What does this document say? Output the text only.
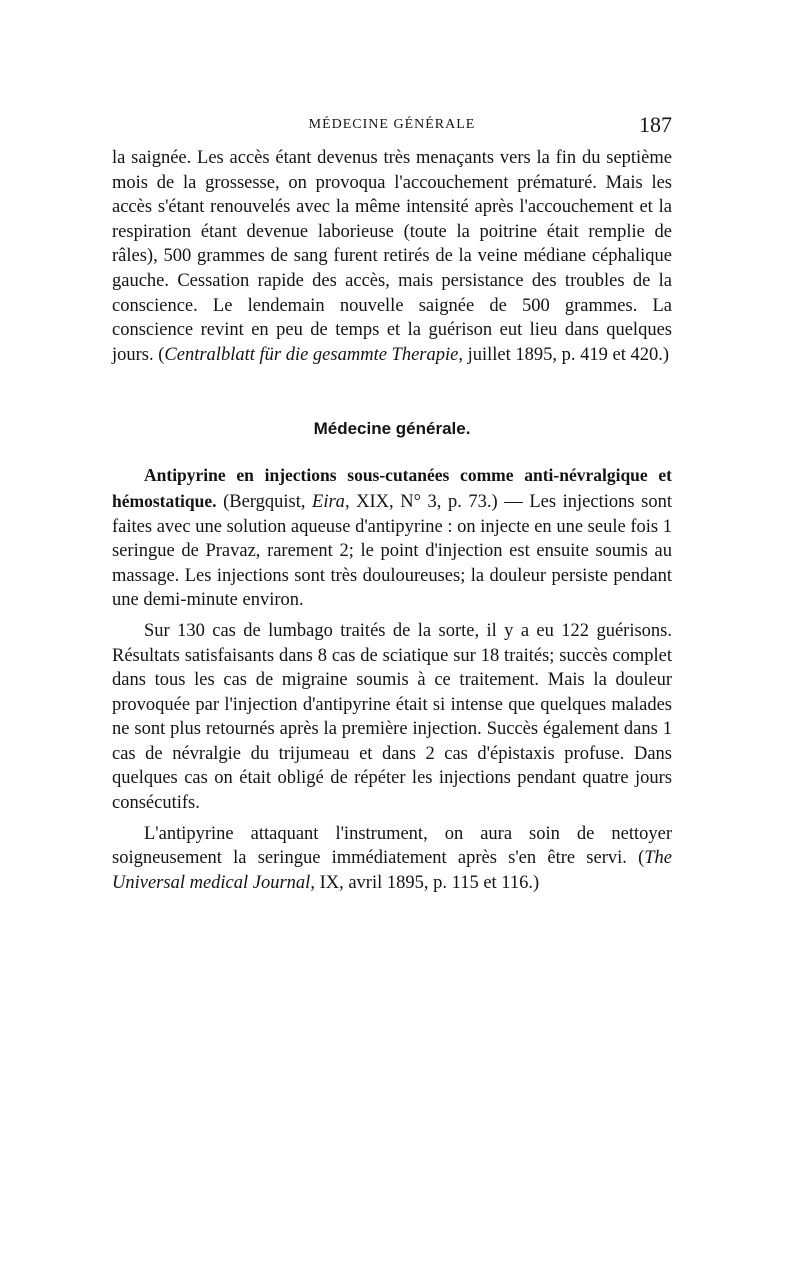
MÉDECINE GÉNÉRALE	187

la saignée. Les accès étant devenus très menaçants vers la fin du septième mois de la grossesse, on provoqua l'accouchement prématuré. Mais les accès s'étant renouvelés avec la même intensité après l'accouchement et la respiration étant devenue laborieuse (toute la poitrine était remplie de râles), 500 grammes de sang furent retirés de la veine médiane céphalique gauche. Cessation rapide des accès, mais persistance des troubles de la conscience. Le lendemain nouvelle saignée de 500 grammes. La conscience revint en peu de temps et la guérison eut lieu dans quelques jours. (Centralblatt für die gesammte Therapie, juillet 1895, p. 419 et 420.)

Médecine générale.

Antipyrine en injections sous-cutanées comme anti-névralgique et hémostatique. (Bergquist, Eira, XIX, N° 3, p. 73.) — Les injections sont faites avec une solution aqueuse d'antipyrine : on injecte en une seule fois 1 seringue de Pravaz, rarement 2; le point d'injection est ensuite soumis au massage. Les injections sont très douloureuses; la douleur persiste pendant une demi-minute environ.

Sur 130 cas de lumbago traités de la sorte, il y a eu 122 guérisons. Résultats satisfaisants dans 8 cas de sciatique sur 18 traités; succès complet dans tous les cas de migraine soumis à ce traitement. Mais la douleur provoquée par l'injection d'antipyrine était si intense que quelques malades ne sont plus retournés après la première injection. Succès également dans 1 cas de névralgie du trijumeau et dans 2 cas d'épistaxis profuse. Dans quelques cas on était obligé de répéter les injections pendant quatre jours consécutifs.

L'antipyrine attaquant l'instrument, on aura soin de nettoyer soigneusement la seringue immédiatement après s'en être servi. (The Universal medical Journal, IX, avril 1895, p. 115 et 116.)
